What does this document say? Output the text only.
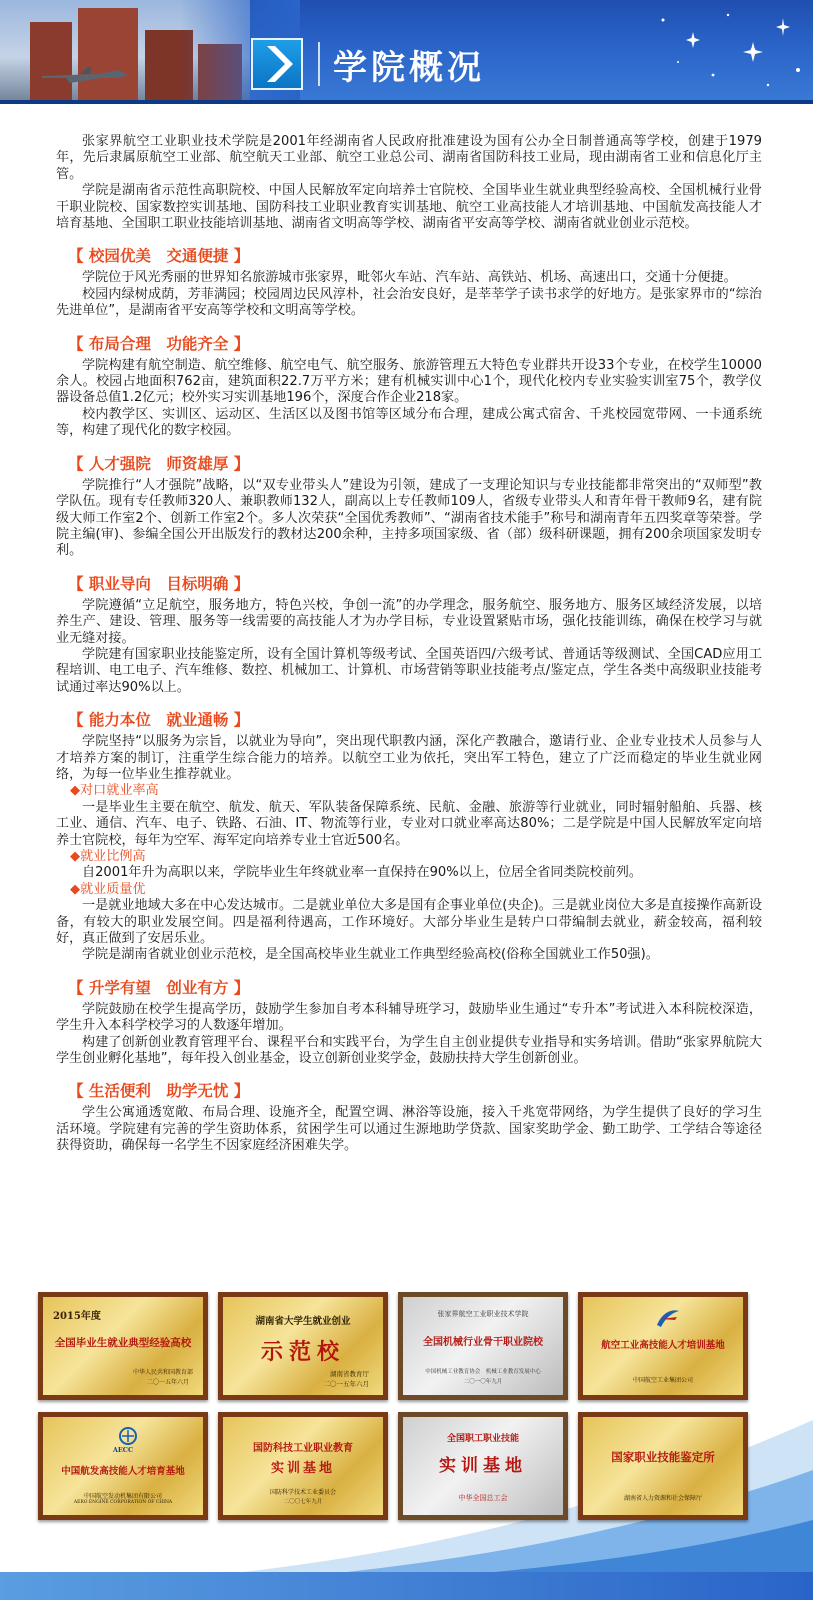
学院概况

张家界航空工业职业技术学院是2001年经湖南省人民政府批准建设为国有公办全日制普通高等学校，创建于1979年，先后隶属原航空工业部、航空航天工业部、航空工业总公司、湖南省国防科技工业局，现由湖南省工业和信息化厅主管。

学院是湖南省示范性高职院校、中国人民解放军定向培养士官院校、全国毕业生就业典型经验高校、全国机械行业骨干职业院校、国家数控实训基地、国防科技工业职业教育实训基地、航空工业高技能人才培训基地、中国航发高技能人才培育基地、全国职工职业技能培训基地、湖南省文明高等学校、湖南省平安高等学校、湖南省就业创业示范校。

【 校园优美　交通便捷 】

学院位于风光秀丽的世界知名旅游城市张家界，毗邻火车站、汽车站、高铁站、机场、高速出口，交通十分便捷。

校园内绿树成荫，芳菲满园；校园周边民风淳朴，社会治安良好，是莘莘学子读书求学的好地方。是张家界市的“综治先进单位”，是湖南省平安高等学校和文明高等学校。

【 布局合理　功能齐全 】

学院构建有航空制造、航空维修、航空电气、航空服务、旅游管理五大特色专业群共开设33个专业，在校学生10000余人。校园占地面积762亩，建筑面积22.7万平方米；建有机械实训中心1个，现代化校内专业实验实训室75个，教学仪器设备总值1.2亿元；校外实习实训基地196个，深度合作企业218家。

校内教学区、实训区、运动区、生活区以及图书馆等区域分布合理，建成公寓式宿舍、千兆校园宽带网、一卡通系统等，构建了现代化的数字校园。

【 人才强院　师资雄厚 】

学院推行“人才强院”战略，以“双专业带头人”建设为引领，建成了一支理论知识与专业技能都非常突出的“双师型”教学队伍。现有专任教师320人、兼职教师132人，副高以上专任教师109人，省级专业带头人和青年骨干教师9名，建有院级大师工作室2个、创新工作室2个。多人次荣获“全国优秀教师”、“湖南省技术能手”称号和湖南青年五四奖章等荣誉。学院主编(审)、参编全国公开出版发行的教材达200余种，主持多项国家级、省（部）级科研课题，拥有200余项国家发明专利。

【 职业导向　目标明确 】

学院遵循“立足航空，服务地方，特色兴校，争创一流”的办学理念，服务航空、服务地方、服务区域经济发展，以培养生产、建设、管理、服务等一线需要的高技能人才为办学目标，专业设置紧贴市场，强化技能训练，确保在校学习与就业无缝对接。

学院建有国家职业技能鉴定所，设有全国计算机等级考试、全国英语四/六级考试、普通话等级测试、全国CAD应用工程培训、电工电子、汽车维修、数控、机械加工、计算机、市场营销等职业技能考点/鉴定点，学生各类中高级职业技能考试通过率达90%以上。

【 能力本位　就业通畅 】

学院坚持“以服务为宗旨，以就业为导向”，突出现代职教内涵，深化产教融合，邀请行业、企业专业技术人员参与人才培养方案的制订，注重学生综合能力的培养。以航空工业为依托，突出军工特色，建立了广泛而稳定的毕业生就业网络，为每一位毕业生推荐就业。

◆对口就业率高

一是毕业生主要在航空、航发、航天、军队装备保障系统、民航、金融、旅游等行业就业，同时辐射船舶、兵器、核工业、通信、汽车、电子、铁路、石油、IT、物流等行业，专业对口就业率高达80%；二是学院是中国人民解放军定向培养士官院校，每年为空军、海军定向培养专业士官近500名。

◆就业比例高

自2001年升为高职以来，学院毕业生年终就业率一直保持在90%以上，位居全省同类院校前列。

◆就业质量优

一是就业地域大多在中心发达城市。二是就业单位大多是国有企事业单位(央企)。三是就业岗位大多是直接操作高新设备，有较大的职业发展空间。四是福利待遇高，工作环境好。大部分毕业生是转户口带编制去就业，薪金较高，福利较好，真正做到了安居乐业。

学院是湖南省就业创业示范校，是全国高校毕业生就业工作典型经验高校(俗称全国就业工作50强)。

【 升学有望　创业有方 】

学院鼓励在校学生提高学历，鼓励学生参加自考本科辅导班学习，鼓励毕业生通过“专升本”考试进入本科院校深造，学生升入本科学校学习的人数逐年增加。

构建了创新创业教育管理平台、课程平台和实践平台，为学生自主创业提供专业指导和实务培训。借助“张家界航院大学生创业孵化基地”，每年投入创业基金，设立创新创业奖学金，鼓励扶持大学生创新创业。

【 生活便利　助学无忧 】

学生公寓通透宽敞、布局合理、设施齐全，配置空调、淋浴等设施，接入千兆宽带网络，为学生提供了良好的学习生活环境。学院建有完善的学生资助体系，贫困学生可以通过生源地助学贷款、国家奖助学金、勤工助学、工学结合等途径获得资助，确保每一名学生不因家庭经济困难失学。

2015年度
全国毕业生就业典型经验高校
中华人民共和国教育部
二〇一五年六月
湖南省大学生就业创业
示范校
湖南省教育厅
二〇一五年六月
张家界航空工业职业技术学院
全国机械行业骨干职业院校
中国机械工业教育协会　机械工业教育发展中心
二〇一〇年九月
航空工业高技能人才培训基地
中国航空工业集团公司
AECC
中国航发高技能人才培育基地
中国航空发动机集团有限公司
AERO ENGINE CORPORATION OF CHINA
国防科技工业职业教育
实训基地
国防科学技术工业委员会
二〇〇七年九月
全国职工职业技能
实训基地
中华全国总工会
国家职业技能鉴定所
湖南省人力资源和社会保障厅
